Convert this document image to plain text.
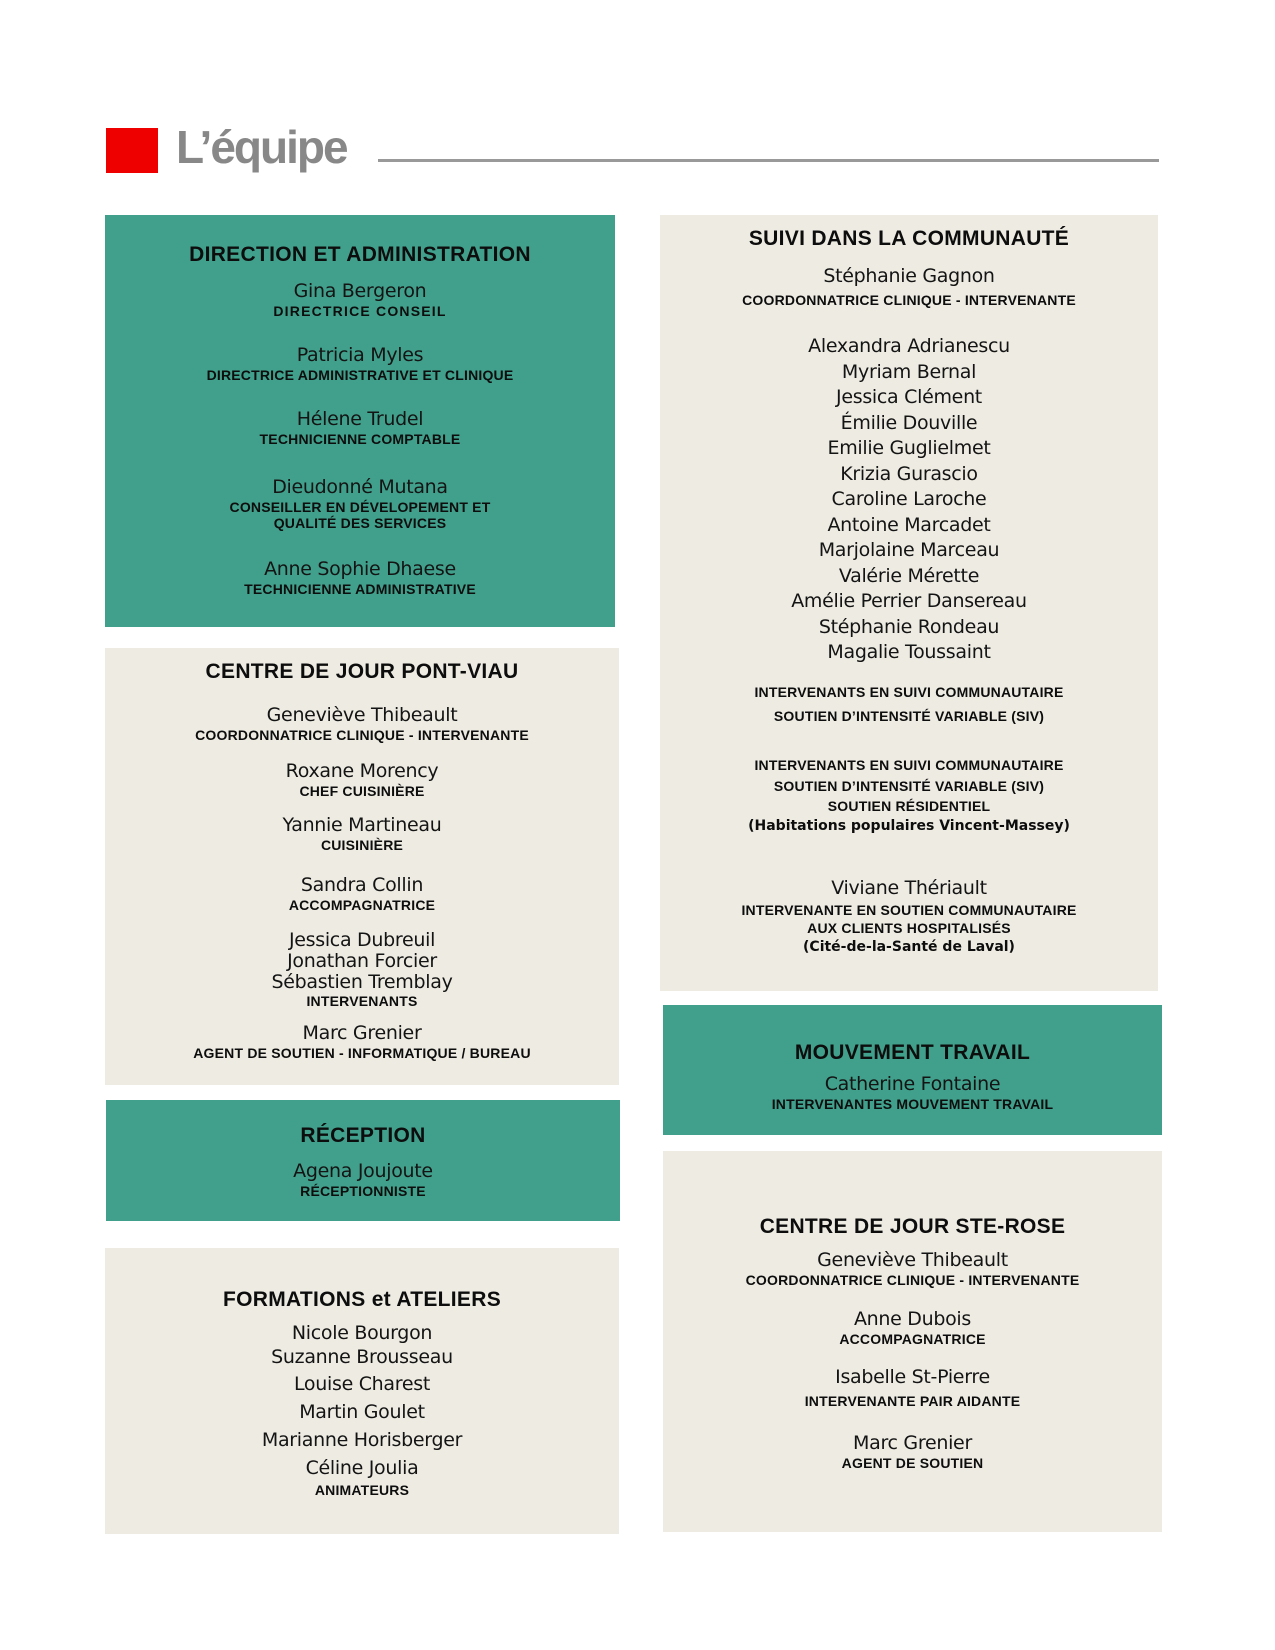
L’équipe
DIRECTION ET ADMINISTRATION
Gina Bergeron
DIRECTRICE CONSEIL
Patricia Myles
DIRECTRICE ADMINISTRATIVE ET CLINIQUE
Hélene Trudel
TECHNICIENNE COMPTABLE
Dieudonné Mutana
CONSEILLER EN DÉVELOPEMENT ET
QUALITÉ DES SERVICES
Anne Sophie Dhaese
TECHNICIENNE ADMINISTRATIVE
CENTRE DE JOUR PONT-VIAU
Geneviève Thibeault
COORDONNATRICE CLINIQUE - INTERVENANTE
Roxane Morency
CHEF CUISINIÈRE
Yannie Martineau
CUISINIÈRE
Sandra Collin
ACCOMPAGNATRICE
Jessica Dubreuil
Jonathan Forcier
Sébastien Tremblay
INTERVENANTS
Marc Grenier
AGENT DE SOUTIEN - INFORMATIQUE / BUREAU
RÉCEPTION
Agena Joujoute
RÉCEPTIONNISTE
FORMATIONS et ATELIERS
Nicole Bourgon
Suzanne Brousseau
Louise Charest
Martin Goulet
Marianne Horisberger
Céline Joulia
ANIMATEURS
SUIVI DANS LA COMMUNAUTÉ
Stéphanie Gagnon
COORDONNATRICE CLINIQUE - INTERVENANTE
Alexandra Adrianescu
Myriam Bernal
Jessica Clément
Émilie Douville
Emilie Guglielmet
Krizia Gurascio
Caroline Laroche
Antoine Marcadet
Marjolaine Marceau
Valérie Mérette
Amélie Perrier Dansereau
Stéphanie Rondeau
Magalie Toussaint
INTERVENANTS EN SUIVI COMMUNAUTAIRE
SOUTIEN D’INTENSITÉ VARIABLE (SIV)
INTERVENANTS EN SUIVI COMMUNAUTAIRE
SOUTIEN D’INTENSITÉ VARIABLE (SIV)
SOUTIEN RÉSIDENTIEL
(Habitations populaires Vincent-Massey)
Viviane Thériault
INTERVENANTE EN SOUTIEN COMMUNAUTAIRE
AUX CLIENTS HOSPITALISÉS
(Cité-de-la-Santé de Laval)
MOUVEMENT TRAVAIL
Catherine Fontaine
INTERVENANTES MOUVEMENT TRAVAIL
CENTRE DE JOUR STE-ROSE
Geneviève Thibeault
COORDONNATRICE CLINIQUE - INTERVENANTE
Anne Dubois
ACCOMPAGNATRICE
Isabelle St-Pierre
INTERVENANTE PAIR AIDANTE
Marc Grenier
AGENT DE SOUTIEN
